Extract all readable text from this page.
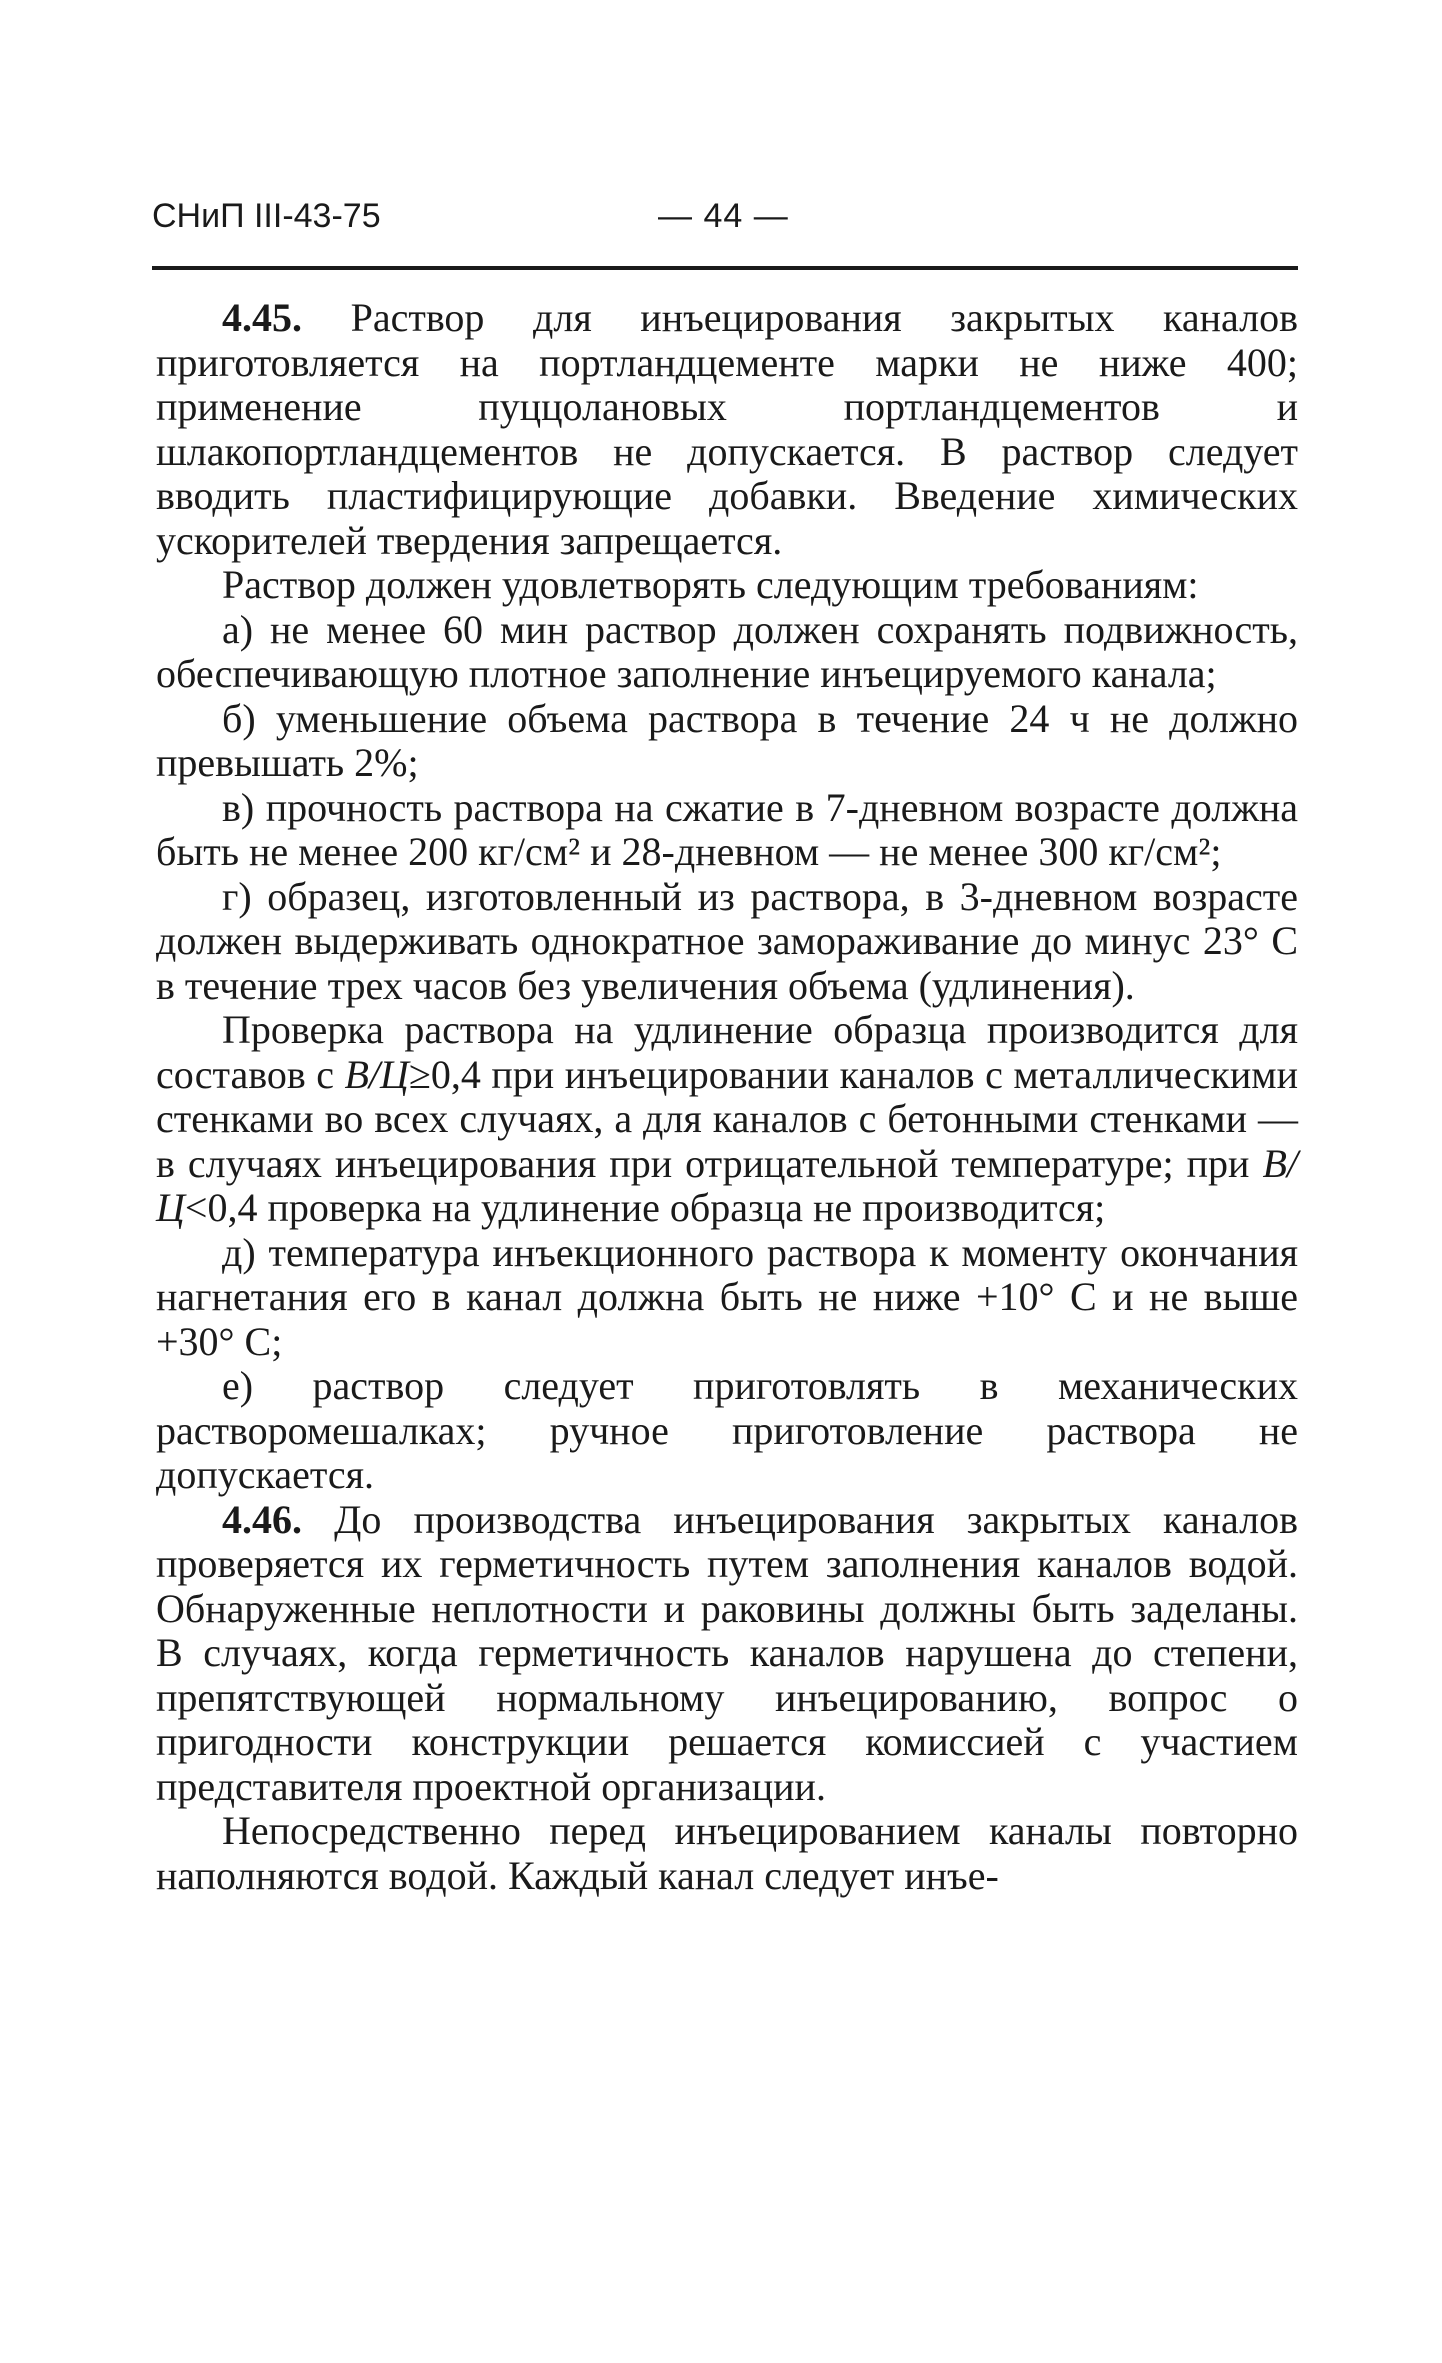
СНиП III-43-75	— 44 —

4.45. Раствор для инъецирования закрытых каналов приготовляется на портландцементе марки не ниже 400; применение пуццолановых портландцементов и шлакопортландцементов не допускается. В раствор следует вводить пластифицирующие добавки. Введение химических ускорителей твердения запрещается.

Раствор должен удовлетворять следующим требованиям:

а) не менее 60 мин раствор должен сохранять подвижность, обеспечивающую плотное заполнение инъецируемого канала;

б) уменьшение объема раствора в течение 24 ч не должно превышать 2%;

в) прочность раствора на сжатие в 7-дневном возрасте должна быть не менее 200 кг/см² и 28-дневном — не менее 300 кг/см²;

г) образец, изготовленный из раствора, в 3-дневном возрасте должен выдерживать однократное замораживание до минус 23° С в течение трех часов без увеличения объема (удлинения).

Проверка раствора на удлинение образца производится для составов с В/Ц≥0,4 при инъецировании каналов с металлическими стенками во всех случаях, а для каналов с бетонными стенками — в случаях инъецирования при отрицательной температуре; при В/Ц<0,4 проверка на удлинение образца не производится;

д) температура инъекционного раствора к моменту окончания нагнетания его в канал должна быть не ниже +10° С и не выше +30° С;

е) раствор следует приготовлять в механических растворомешалках; ручное приготовление раствора не допускается.

4.46. До производства инъецирования закрытых каналов проверяется их герметичность путем заполнения каналов водой. Обнаруженные неплотности и раковины должны быть заделаны. В случаях, когда герметичность каналов нарушена до степени, препятствующей нормальному инъецированию, вопрос о пригодности конструкции решается комиссией с участием представителя проектной организации.

Непосредственно перед инъецированием каналы повторно наполняются водой. Каждый канал следует инъе-
